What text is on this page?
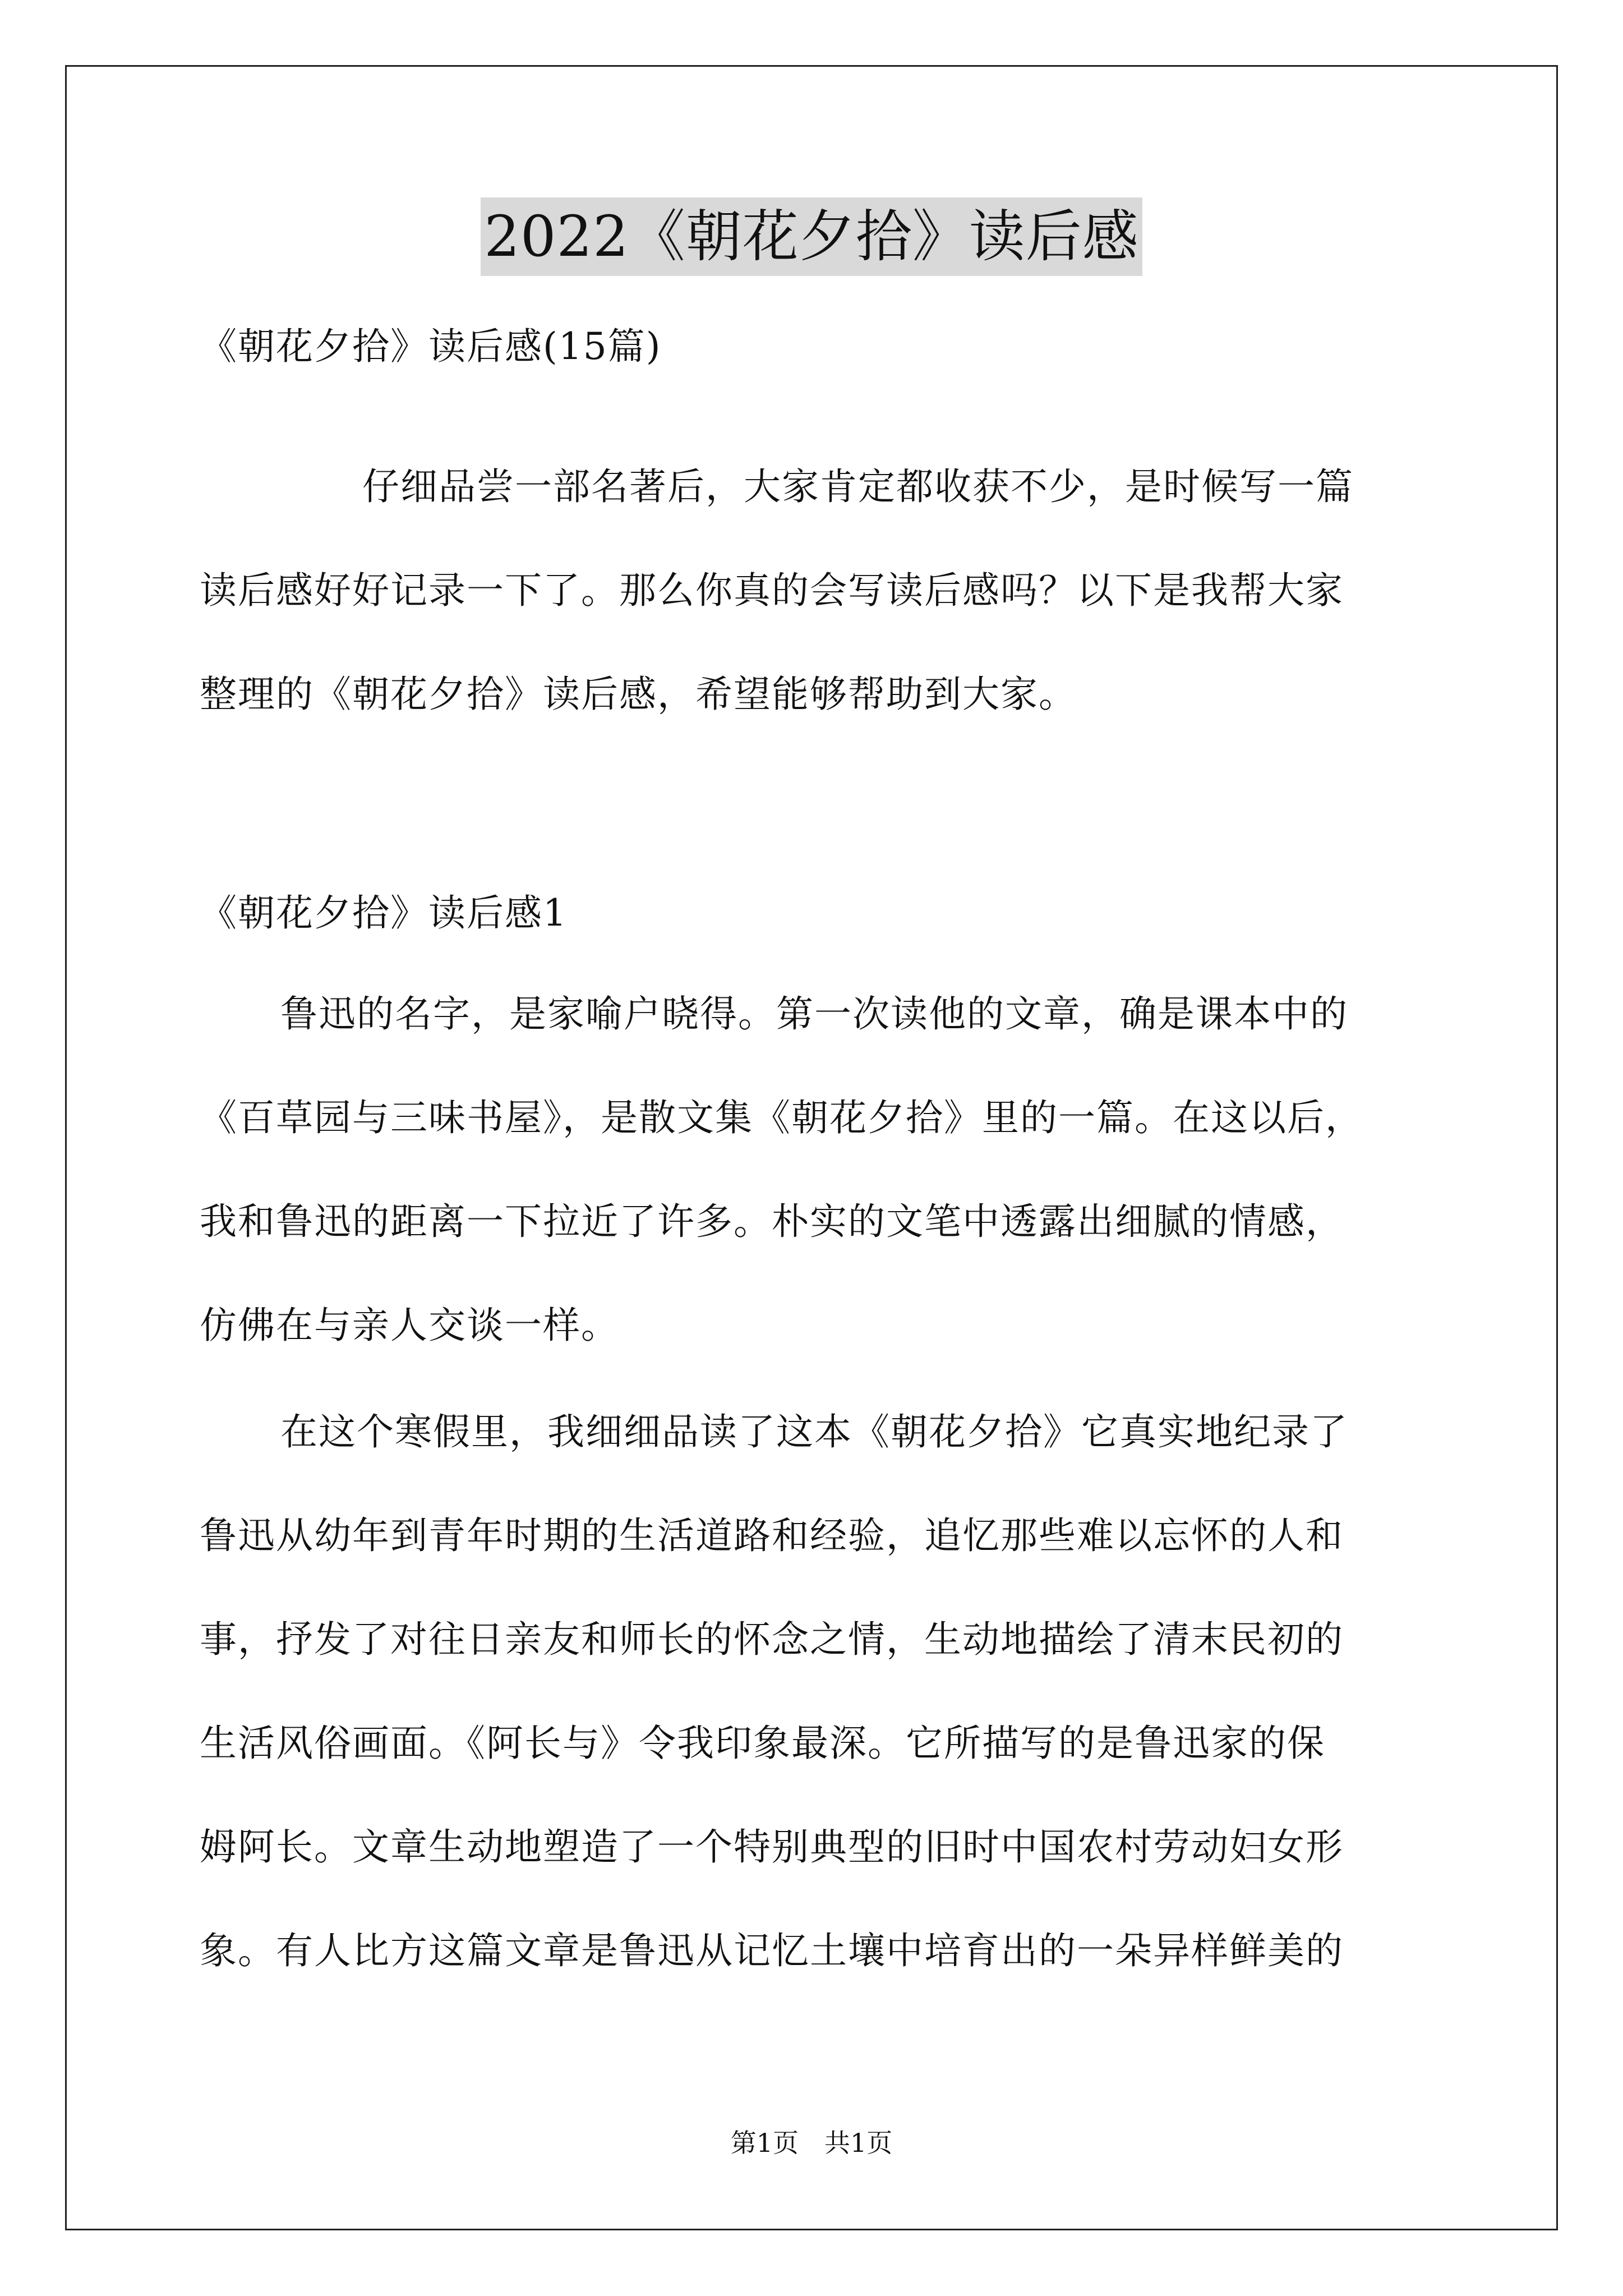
2022《朝花夕拾》读后感
《朝花夕拾》读后感(15篇)
仔细品尝一部名著后，大家肯定都收获不少，是时候写一篇
读后感好好记录一下了。那么你真的会写读后感吗？以下是我帮大家
整理的《朝花夕拾》读后感，希望能够帮助到大家。
《朝花夕拾》读后感1
鲁迅的名字，是家喻户晓得。第一次读他的文章，确是课本中的
《百草园与三味书屋》，是散文集《朝花夕拾》里的一篇。在这以后，
我和鲁迅的距离一下拉近了许多。朴实的文笔中透露出细腻的情感，
仿佛在与亲人交谈一样。
在这个寒假里，我细细品读了这本《朝花夕拾》它真实地纪录了
鲁迅从幼年到青年时期的生活道路和经验，追忆那些难以忘怀的人和
事，抒发了对往日亲友和师长的怀念之情，生动地描绘了清末民初的
生活风俗画面。《阿长与》令我印象最深。它所描写的是鲁迅家的保
姆阿长。文章生动地塑造了一个特别典型的旧时中国农村劳动妇女形
象。有人比方这篇文章是鲁迅从记忆土壤中培育出的一朵异样鲜美的
第1页　共1页
